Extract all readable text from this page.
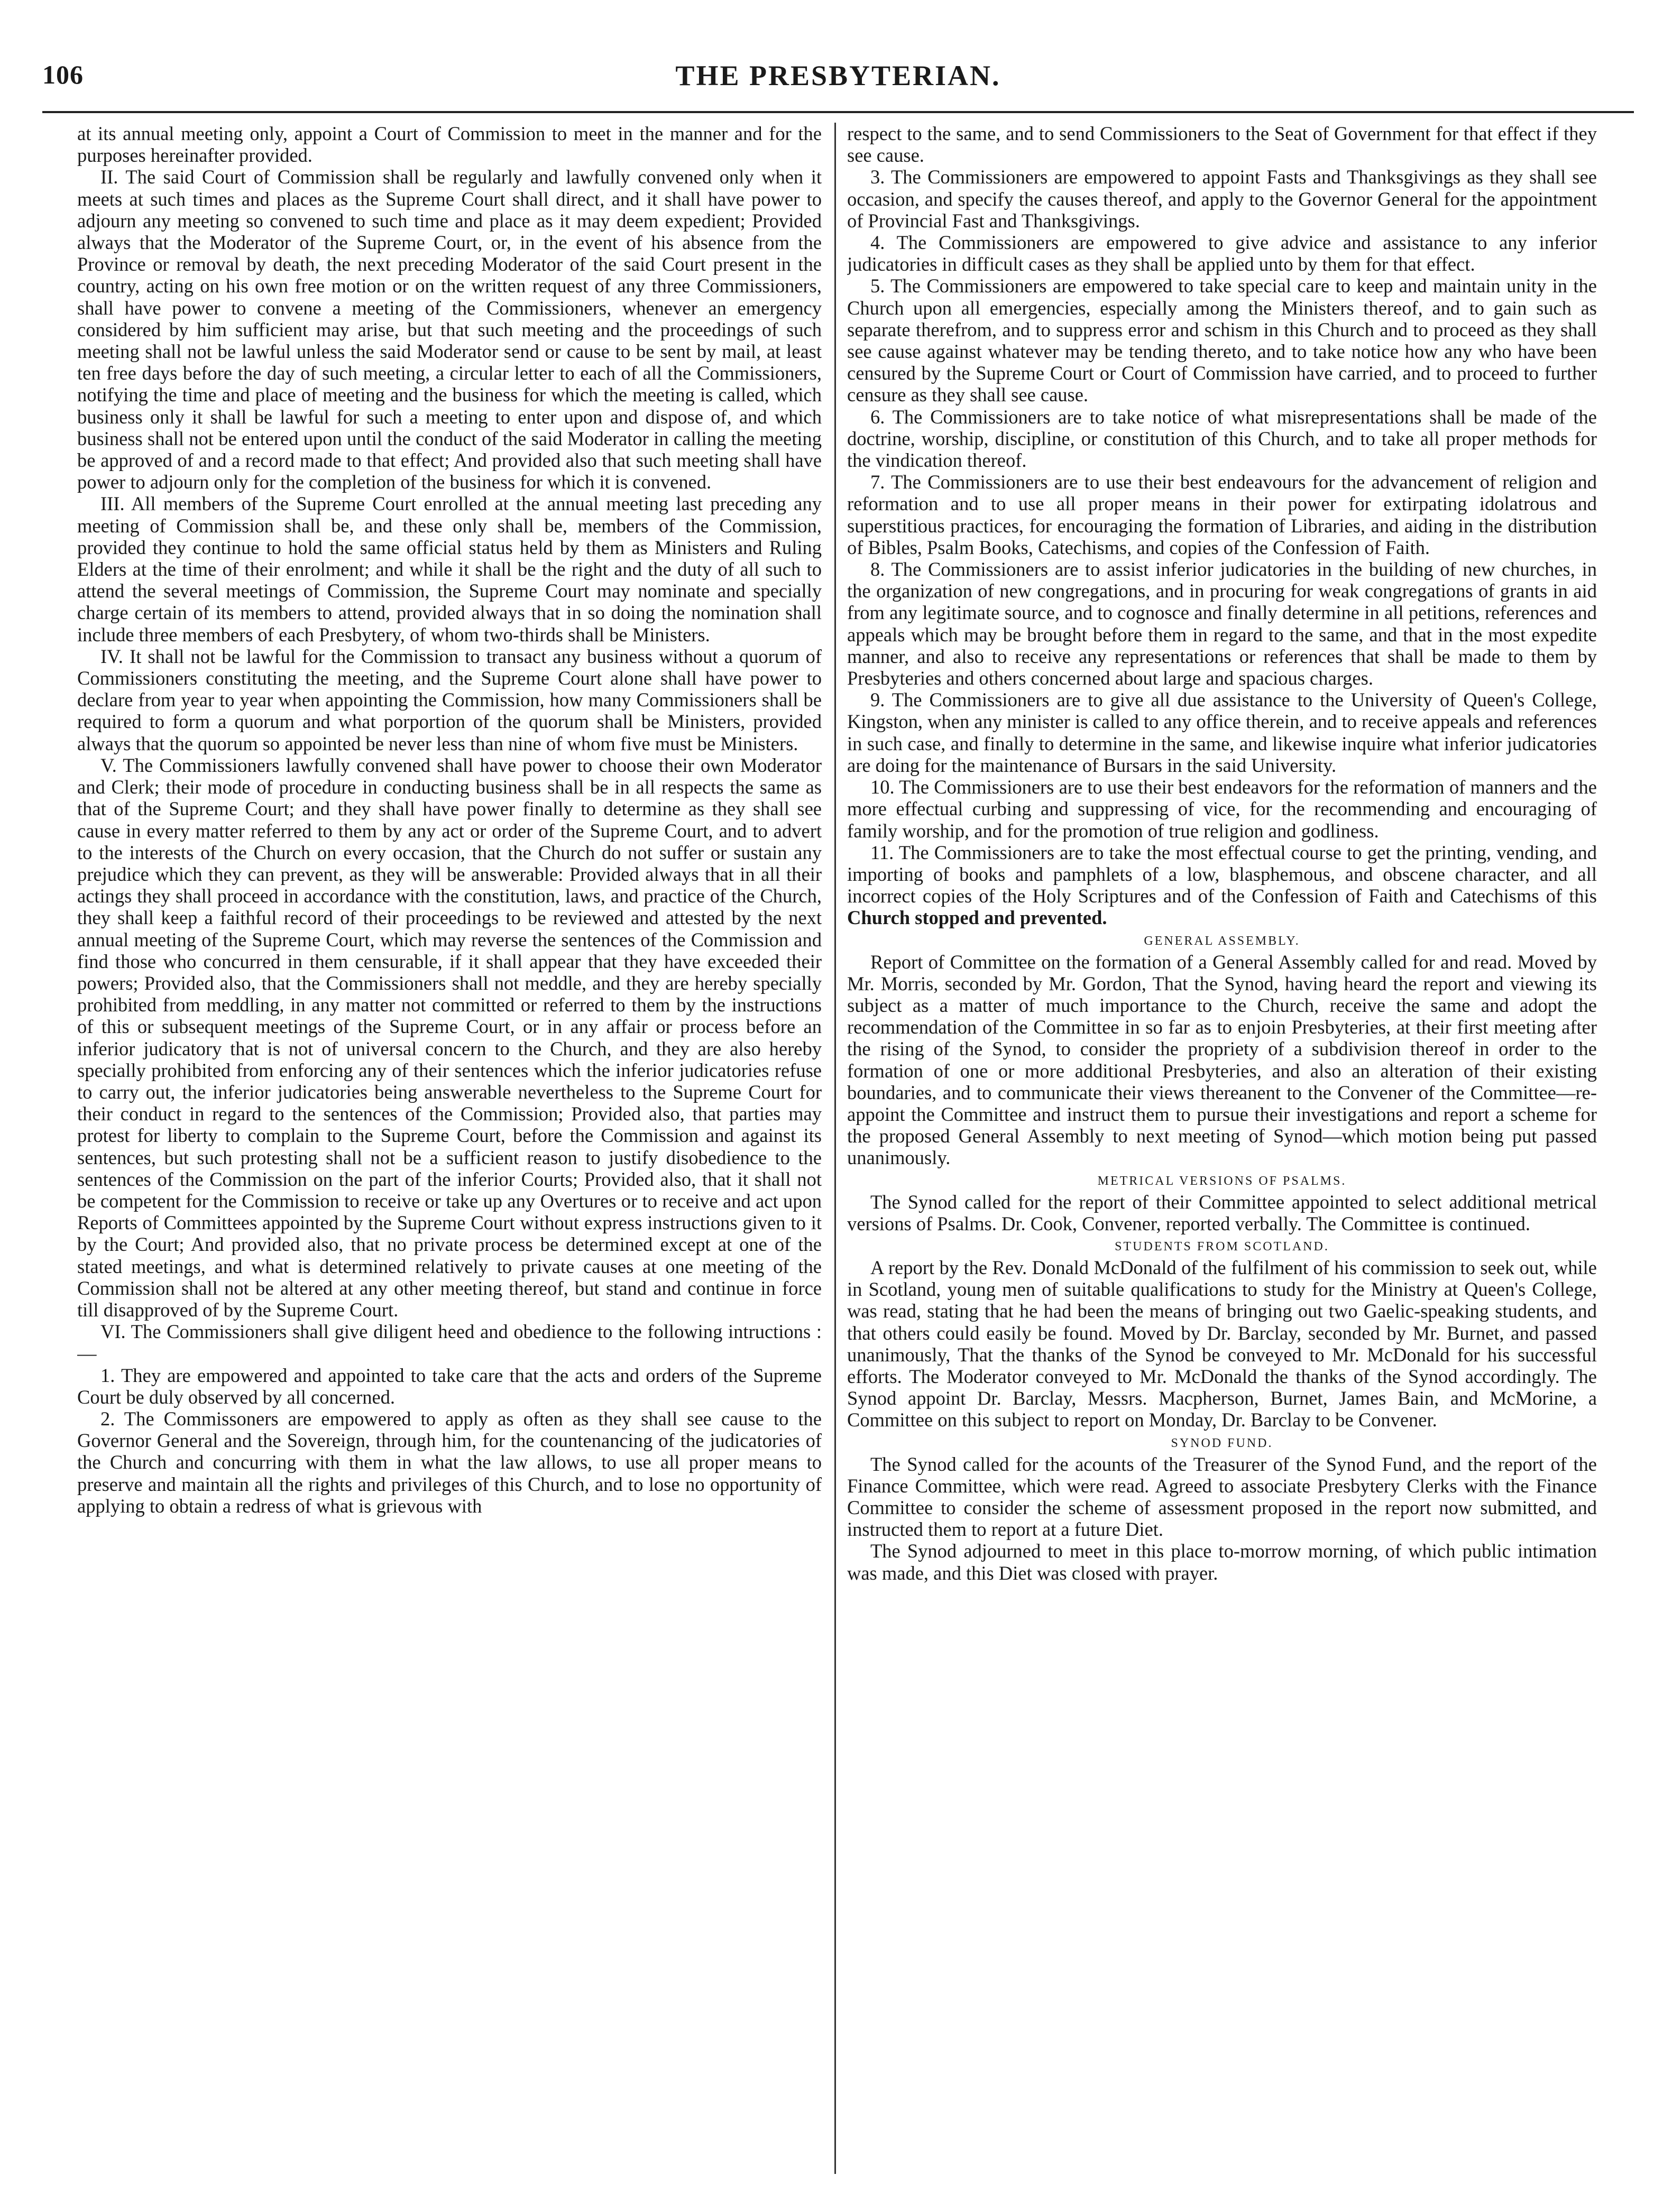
106	THE PRESBYTERIAN.

at its annual meeting only, appoint a Court of Commission to meet in the manner and for the purposes hereinafter provided.

II. The said Court of Commission shall be regularly and lawfully convened only when it meets at such times and places as the Supreme Court shall direct, and it shall have power to adjourn any meeting so convened to such time and place as it may deem expedient; Provided always that the Moderator of the Supreme Court, or, in the event of his absence from the Province or removal by death, the next preceding Moderator of the said Court present in the country, acting on his own free motion or on the written request of any three Commissioners, shall have power to convene a meeting of the Commissioners, whenever an emergency considered by him sufficient may arise, but that such meeting and the proceedings of such meeting shall not be lawful unless the said Moderator send or cause to be sent by mail, at least ten free days before the day of such meeting, a circular letter to each of all the Commissioners, notifying the time and place of meeting and the business for which the meeting is called, which business only it shall be lawful for such a meeting to enter upon and dispose of, and which business shall not be entered upon until the conduct of the said Moderator in calling the meeting be approved of and a record made to that effect; And provided also that such meeting shall have power to adjourn only for the completion of the business for which it is convened.

III. All members of the Supreme Court enrolled at the annual meeting last preceding any meeting of Commission shall be, and these only shall be, members of the Commission, provided they continue to hold the same official status held by them as Ministers and Ruling Elders at the time of their enrolment; and while it shall be the right and the duty of all such to attend the several meetings of Commission, the Supreme Court may nominate and specially charge certain of its members to attend, provided always that in so doing the nomination shall include three members of each Presbytery, of whom two-thirds shall be Ministers.

IV. It shall not be lawful for the Commission to transact any business without a quorum of Commissioners constituting the meeting, and the Supreme Court alone shall have power to declare from year to year when appointing the Commission, how many Commissioners shall be required to form a quorum and what porportion of the quorum shall be Ministers, provided always that the quorum so appointed be never less than nine of whom five must be Ministers.

V. The Commissioners lawfully convened shall have power to choose their own Moderator and Clerk; their mode of procedure in conducting business shall be in all respects the same as that of the Supreme Court; and they shall have power finally to determine as they shall see cause in every matter referred to them by any act or order of the Supreme Court, and to advert to the interests of the Church on every occasion, that the Church do not suffer or sustain any prejudice which they can prevent, as they will be answerable: Provided always that in all their actings they shall proceed in accordance with the constitution, laws, and practice of the Church, they shall keep a faithful record of their proceedings to be reviewed and attested by the next annual meeting of the Supreme Court, which may reverse the sentences of the Commission and find those who concurred in them censurable, if it shall appear that they have exceeded their powers; Provided also, that the Commissioners shall not meddle, and they are hereby specially prohibited from meddling, in any matter not committed or referred to them by the instructions of this or subsequent meetings of the Supreme Court, or in any affair or process before an inferior judicatory that is not of universal concern to the Church, and they are also hereby specially prohibited from enforcing any of their sentences which the inferior judicatories refuse to carry out, the inferior judicatories being answerable nevertheless to the Supreme Court for their conduct in regard to the sentences of the Commission; Provided also, that parties may protest for liberty to complain to the Supreme Court, before the Commission and against its sentences, but such protesting shall not be a sufficient reason to justify disobedience to the sentences of the Commission on the part of the inferior Courts; Provided also, that it shall not be competent for the Commission to receive or take up any Overtures or to receive and act upon Reports of Committees appointed by the Supreme Court without express instructions given to it by the Court; And provided also, that no private process be determined except at one of the stated meetings, and what is determined relatively to private causes at one meeting of the Commission shall not be altered at any other meeting thereof, but stand and continue in force till disapproved of by the Supreme Court.

VI. The Commissioners shall give diligent heed and obedience to the following intructions :—

1. They are empowered and appointed to take care that the acts and orders of the Supreme Court be duly observed by all concerned.

2. The Commissoners are empowered to apply as often as they shall see cause to the Governor General and the Sovereign, through him, for the countenancing of the judicatories of the Church and concurring with them in what the law allows, to use all proper means to preserve and maintain all the rights and privileges of this Church, and to lose no opportunity of applying to obtain a redress of what is grievous with

respect to the same, and to send Commissioners to the Seat of Government for that effect if they see cause.

3. The Commissioners are empowered to appoint Fasts and Thanksgivings as they shall see occasion, and specify the causes thereof, and apply to the Governor General for the appointment of Provincial Fast and Thanksgivings.

4. The Commissioners are empowered to give advice and assistance to any inferior judicatories in difficult cases as they shall be applied unto by them for that effect.

5. The Commissioners are empowered to take special care to keep and maintain unity in the Church upon all emergencies, especially among the Ministers thereof, and to gain such as separate therefrom, and to suppress error and schism in this Church and to proceed as they shall see cause against whatever may be tending thereto, and to take notice how any who have been censured by the Supreme Court or Court of Commission have carried, and to proceed to further censure as they shall see cause.

6. The Commissioners are to take notice of what misrepresentations shall be made of the doctrine, worship, discipline, or constitution of this Church, and to take all proper methods for the vindication thereof.

7. The Commissioners are to use their best endeavours for the advancement of religion and reformation and to use all proper means in their power for extirpating idolatrous and superstitious practices, for encouraging the formation of Libraries, and aiding in the distribution of Bibles, Psalm Books, Catechisms, and copies of the Confession of Faith.

8. The Commissioners are to assist inferior judicatories in the building of new churches, in the organization of new congregations, and in procuring for weak congregations of grants in aid from any legitimate source, and to cognosce and finally determine in all petitions, references and appeals which may be brought before them in regard to the same, and that in the most expedite manner, and also to receive any representations or references that shall be made to them by Presbyteries and others concerned about large and spacious charges.

9. The Commissioners are to give all due assistance to the University of Queen's College, Kingston, when any minister is called to any office therein, and to receive appeals and references in such case, and finally to determine in the same, and likewise inquire what inferior judicatories are doing for the maintenance of Bursars in the said University.

10. The Commissioners are to use their best endeavors for the reformation of manners and the more effectual curbing and suppressing of vice, for the recommending and encouraging of family worship, and for the promotion of true religion and godliness.

11. The Commissioners are to take the most effectual course to get the printing, vending, and importing of books and pamphlets of a low, blasphemous, and obscene character, and all incorrect copies of the Holy Scriptures and of the Confession of Faith and Catechisms of this Church stopped and prevented.

GENERAL ASSEMBLY.

Report of Committee on the formation of a General Assembly called for and read. Moved by Mr. Morris, seconded by Mr. Gordon, That the Synod, having heard the report and viewing its subject as a matter of much importance to the Church, receive the same and adopt the recommendation of the Committee in so far as to enjoin Presbyteries, at their first meeting after the rising of the Synod, to consider the propriety of a subdivision thereof in order to the formation of one or more additional Presbyteries, and also an alteration of their existing boundaries, and to communicate their views thereanent to the Convener of the Committee—re-appoint the Committee and instruct them to pursue their investigations and report a scheme for the proposed General Assembly to next meeting of Synod—which motion being put passed unanimously.

METRICAL VERSIONS OF PSALMS.

The Synod called for the report of their Committee appointed to select additional metrical versions of Psalms. Dr. Cook, Convener, reported verbally. The Committee is continued.

STUDENTS FROM SCOTLAND.

A report by the Rev. Donald McDonald of the fulfilment of his commission to seek out, while in Scotland, young men of suitable qualifications to study for the Ministry at Queen's College, was read, stating that he had been the means of bringing out two Gaelic-speaking students, and that others could easily be found. Moved by Dr. Barclay, seconded by Mr. Burnet, and passed unanimously, That the thanks of the Synod be conveyed to Mr. McDonald for his successful efforts. The Moderator conveyed to Mr. McDonald the thanks of the Synod accordingly. The Synod appoint Dr. Barclay, Messrs. Macpherson, Burnet, James Bain, and McMorine, a Committee on this subject to report on Monday, Dr. Barclay to be Convener.

SYNOD FUND.

The Synod called for the acounts of the Treasurer of the Synod Fund, and the report of the Finance Committee, which were read. Agreed to associate Presbytery Clerks with the Finance Committee to consider the scheme of assessment proposed in the report now submitted, and instructed them to report at a future Diet.

The Synod adjourned to meet in this place to-morrow morning, of which public intimation was made, and this Diet was closed with prayer.
